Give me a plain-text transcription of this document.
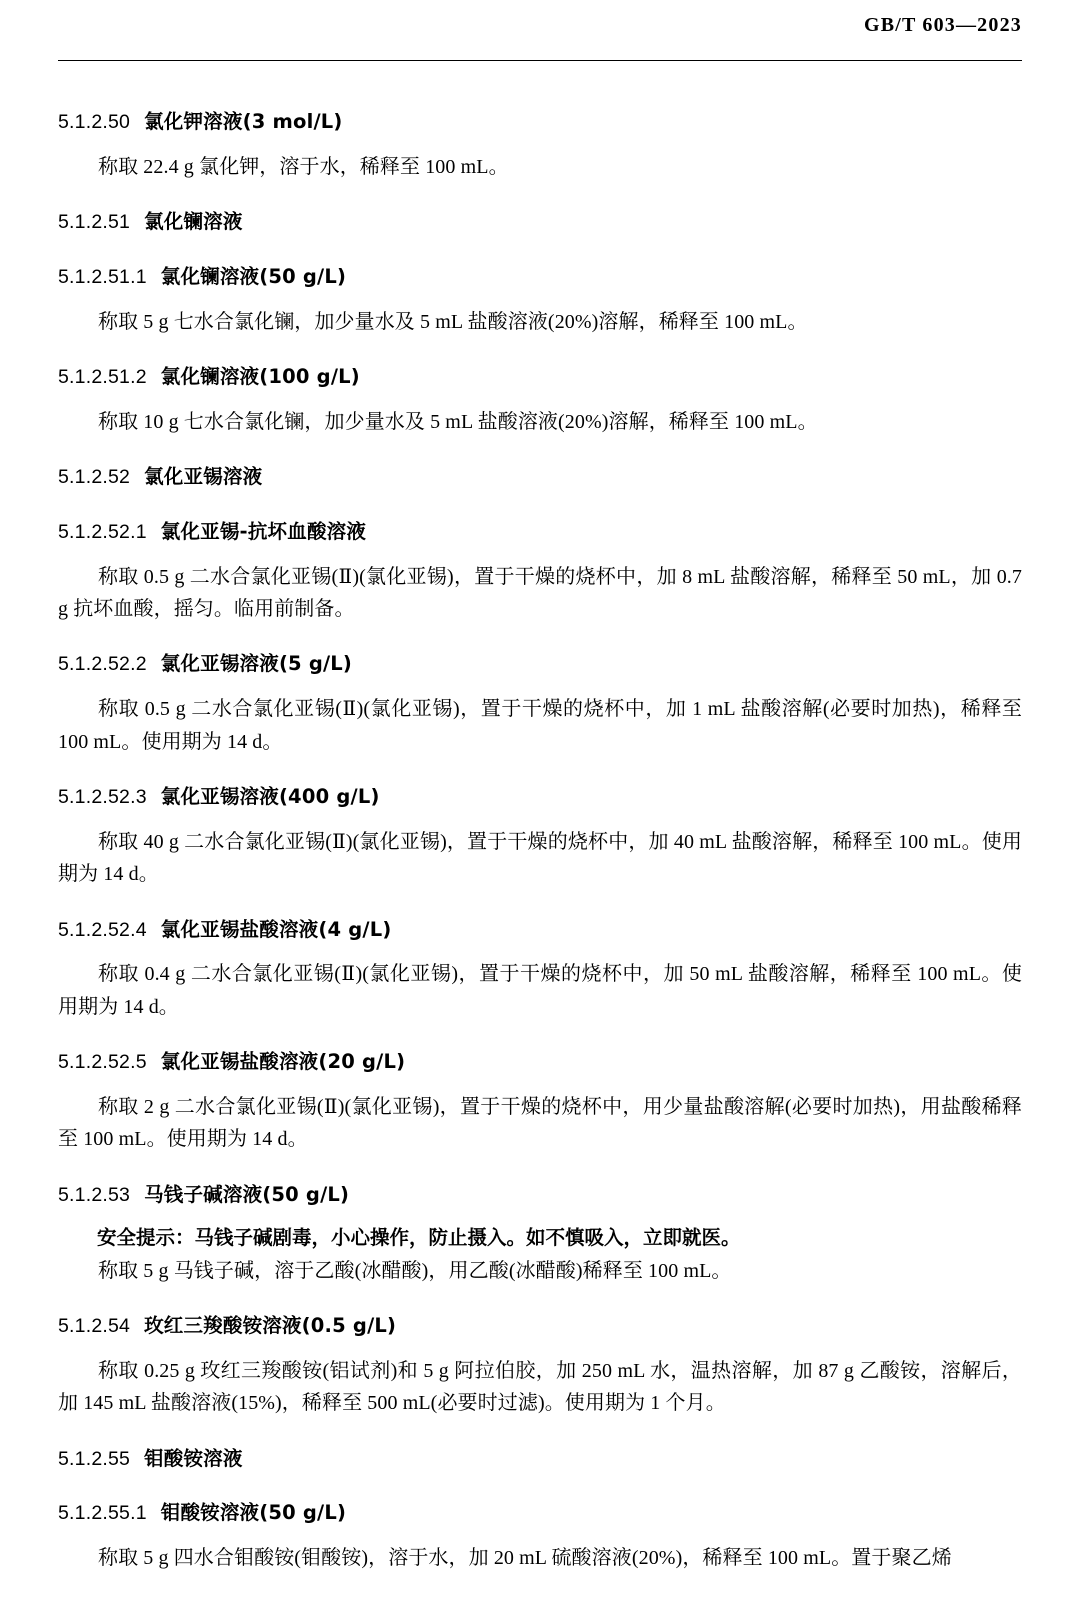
GB/T 603—2023
5.1.2.50 氯化钾溶液(3 mol/L)

称取 22.4 g 氯化钾，溶于水，稀释至 100 mL。

5.1.2.51 氯化镧溶液
5.1.2.51.1 氯化镧溶液(50 g/L)

称取 5 g 七水合氯化镧，加少量水及 5 mL 盐酸溶液(20%)溶解，稀释至 100 mL。

5.1.2.51.2 氯化镧溶液(100 g/L)

称取 10 g 七水合氯化镧，加少量水及 5 mL 盐酸溶液(20%)溶解，稀释至 100 mL。

5.1.2.52 氯化亚锡溶液
5.1.2.52.1 氯化亚锡-抗坏血酸溶液

称取 0.5 g 二水合氯化亚锡(Ⅱ)(氯化亚锡)，置于干燥的烧杯中，加 8 mL 盐酸溶解，稀释至 50 mL，加 0.7 g 抗坏血酸，摇匀。临用前制备。

5.1.2.52.2 氯化亚锡溶液(5 g/L)

称取 0.5 g 二水合氯化亚锡(Ⅱ)(氯化亚锡)，置于干燥的烧杯中，加 1 mL 盐酸溶解(必要时加热)，稀释至 100 mL。使用期为 14 d。

5.1.2.52.3 氯化亚锡溶液(400 g/L)

称取 40 g 二水合氯化亚锡(Ⅱ)(氯化亚锡)，置于干燥的烧杯中，加 40 mL 盐酸溶解，稀释至 100 mL。使用期为 14 d。

5.1.2.52.4 氯化亚锡盐酸溶液(4 g/L)

称取 0.4 g 二水合氯化亚锡(Ⅱ)(氯化亚锡)，置于干燥的烧杯中，加 50 mL 盐酸溶解，稀释至 100 mL。使用期为 14 d。

5.1.2.52.5 氯化亚锡盐酸溶液(20 g/L)

称取 2 g 二水合氯化亚锡(Ⅱ)(氯化亚锡)，置于干燥的烧杯中，用少量盐酸溶解(必要时加热)，用盐酸稀释至 100 mL。使用期为 14 d。

5.1.2.53 马钱子碱溶液(50 g/L)

安全提示：马钱子碱剧毒，小心操作，防止摄入。如不慎吸入，立即就医。

称取 5 g 马钱子碱，溶于乙酸(冰醋酸)，用乙酸(冰醋酸)稀释至 100 mL。

5.1.2.54 玫红三羧酸铵溶液(0.5 g/L)

称取 0.25 g 玫红三羧酸铵(铝试剂)和 5 g 阿拉伯胶，加 250 mL 水，温热溶解，加 87 g 乙酸铵，溶解后，加 145 mL 盐酸溶液(15%)，稀释至 500 mL(必要时过滤)。使用期为 1 个月。

5.1.2.55 钼酸铵溶液
5.1.2.55.1 钼酸铵溶液(50 g/L)

称取 5 g 四水合钼酸铵(钼酸铵)，溶于水，加 20 mL 硫酸溶液(20%)，稀释至 100 mL。置于聚乙烯
